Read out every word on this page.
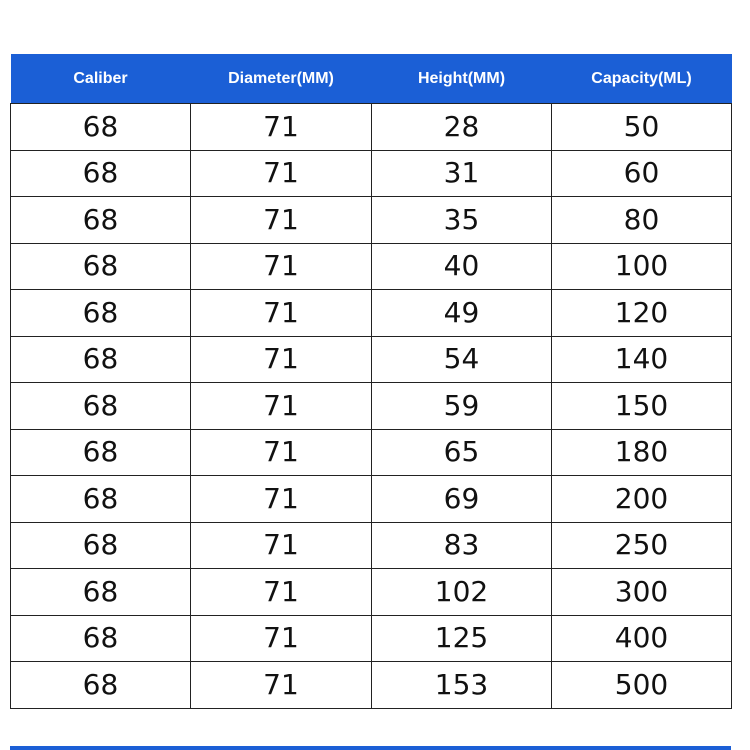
Caliber	Diameter(MM)	Height(MM)	Capacity(ML)
68	71	28	50
68	71	31	60
68	71	35	80
68	71	40	100
68	71	49	120
68	71	54	140
68	71	59	150
68	71	65	180
68	71	69	200
68	71	83	250
68	71	102	300
68	71	125	400
68	71	153	500
